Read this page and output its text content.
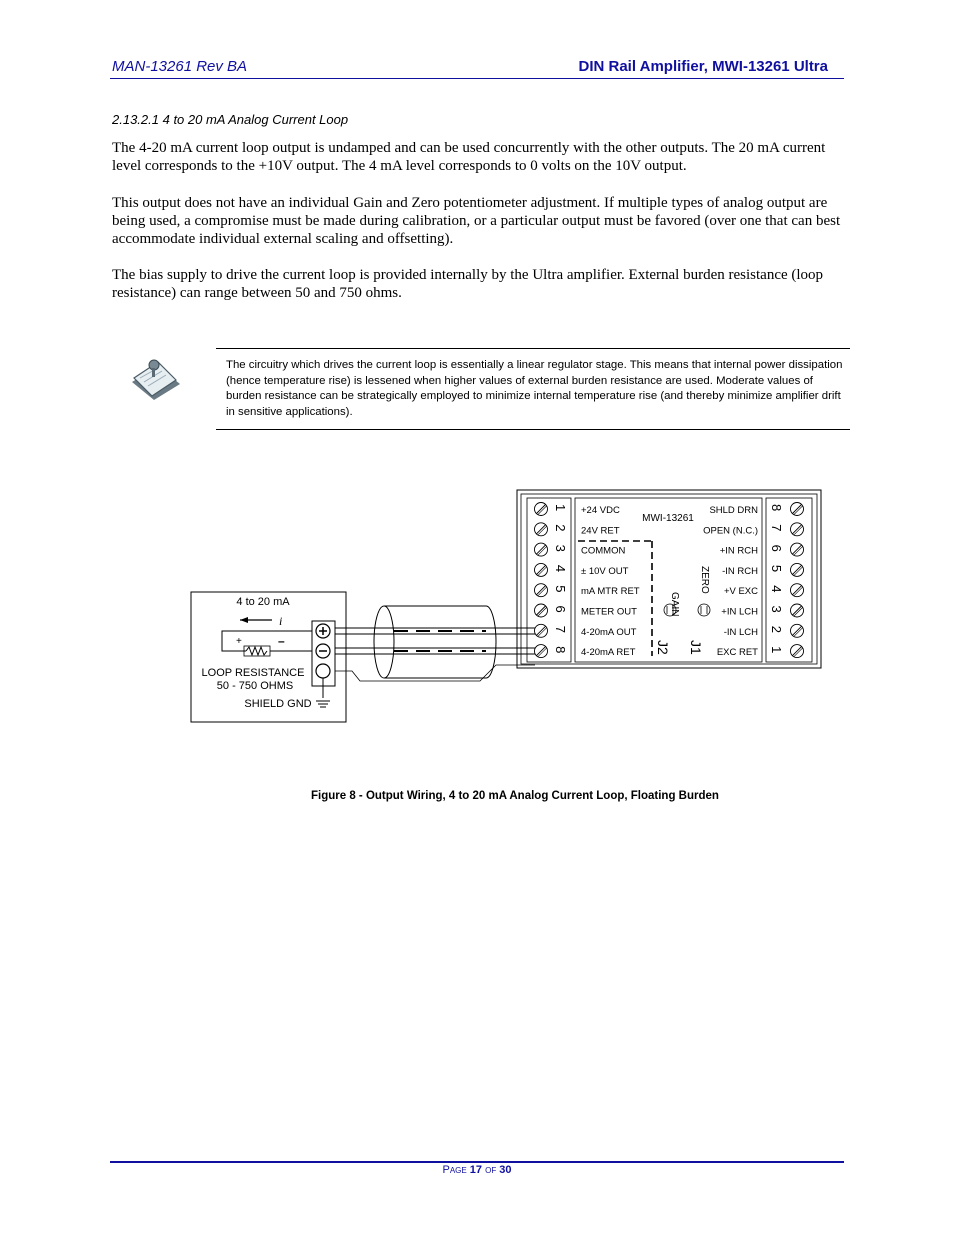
MAN-13261 Rev BA	DIN Rail Amplifier, MWI-13261 Ultra
2.13.2.1 4 to 20 mA Analog Current Loop

The 4-20 mA current loop output is undamped and can be used concurrently with the other outputs. The 20 mA current level corresponds to the +10V output. The 4 mA level corresponds to 0 volts on the 10V output.

This output does not have an individual Gain and Zero potentiometer adjustment. If multiple types of analog output are being used, a compromise must be made during calibration, or a particular output must be favored (over one that can best accommodate individual external scaling and offsetting).

The bias supply to drive the current loop is provided internally by the Ultra amplifier. External burden resistance (loop resistance) can range between 50 and 750 ohms.

The circuitry which drives the current loop is essentially a linear regulator stage. This means that internal power dissipation (hence temperature rise) is lessened when higher values of external burden resistance are used. Moderate values of burden resistance can be strategically employed to minimize internal temperature rise (and thereby minimize amplifier drift in sensitive applications).

4 to 20 mA
i
+	–
LOOP RESISTANCE
50 - 750 OHMS
SHIELD GND
MWI-13261
GAIN
ZERO
J2 J1
1 +24 VDC
2 24V RET
3 COMMON
4 ± 10V OUT
5 mA MTR RET
6 METER OUT
7 4-20mA OUT
8 4-20mA RET
8
SHLD DRN
7
OPEN (N.C.)
6
+IN RCH
5
-IN RCH
4
+V EXC
3
+IN LCH
2
-IN LCH
1
EXC RET
Figure 8 - Output Wiring, 4 to 20 mA Analog Current Loop, Floating Burden
Page 17 of 30
